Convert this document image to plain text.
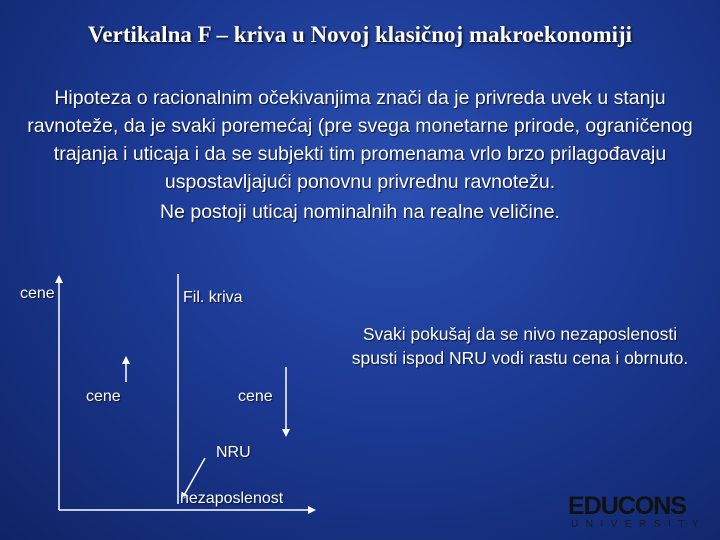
Vertikalna F – kriva u Novoj klasičnoj makroekonomiji

Hipoteza o racionalnim očekivanjima znači da je privreda uvek u stanju ravnoteže, da je svaki poremećaj (pre svega monetarne prirode, ograničenog trajanja i uticaja i da se subjekti tim promenama vrlo brzo prilagođavaju uspostavljajući ponovnu privrednu ravnotežu.

Ne postoji uticaj nominalnih na realne veličine.

cene	Fil. kriva
cene	cene
NRU
nezaposlenost
Svaki pokušaj da se nivo nezaposlenosti spusti ispod NRU vodi rastu cena i obrnuto.
EDUCONS
UNIVERSITY
